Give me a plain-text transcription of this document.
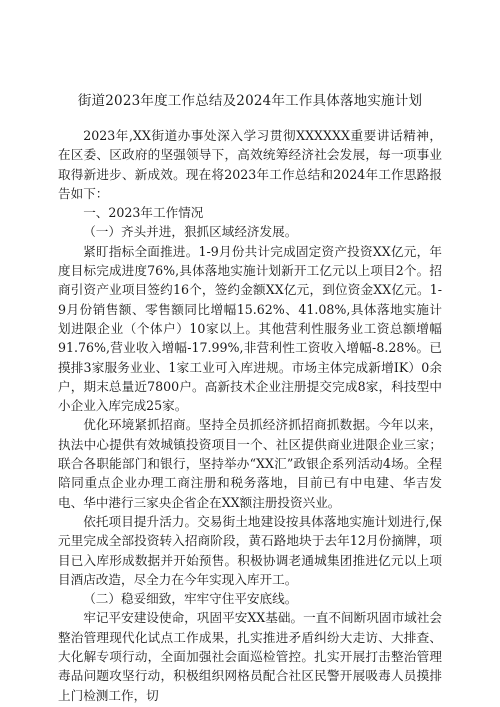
街道2023年度工作总结及2024年工作具体落地实施计划

2023年,XX街道办事处深入学习贯彻XXXXXX重要讲话精神，在区委、区政府的坚强领导下，高效统筹经济社会发展，每一项事业取得新进步、新成效。现在将2023年工作总结和2024年工作思路报告如下：

一、2023年工作情况

（一）齐头并进，狠抓区域经济发展。

紧盯指标全面推进。1-9月份共计完成固定资产投资XX亿元，年度目标完成进度76%,具体落地实施计划新开工亿元以上项目2个。招商引资产业项目签约16个，签约金额XX亿元，到位资金XX亿元。1-9月份销售额、零售额同比增幅15.62%、41.08%,具体落地实施计划进限企业（个体户）10家以上。其他营利性服务业工资总额增幅91.76%,营业收入增幅-17.99%,非营利性工资收入增幅-8.28%。已摸排3家服务业业、1家工业可入库进规。市场主体完成新增IK）0余户，期末总量近7800户。高新技术企业注册提交完成8家，科技型中小企业入库完成25家。

优化环境紧抓招商。坚持全员抓经济抓招商抓数据。今年以来，执法中心提供有效城镇投资项目一个、社区提供商业进限企业三家；联合各职能部门和银行，坚持举办“XX汇”政银企系列活动4场。全程陪同重点企业办理工商注册和税务落地，目前已有中电建、华吉发电、华中港行三家央企省企在XX额注册投资兴业。

依托项目提升活力。交易街土地建设按具体落地实施计划进行,保元里完成全部投资转入招商阶段，黄石路地块于去年12月份摘牌，项目已入库形成数据并开始预售。积极协调老通城集团推进亿元以上项目酒店改造，尽全力在今年实现入库开工。

（二）稳妥细致，牢牢守住平安底线。

牢记平安建设使命，巩固平安XX基础。一直不间断巩固市域社会整治管理现代化试点工作成果，扎实推进矛盾纠纷大走访、大排查、大化解专项行动，全面加强社会面巡检管控。扎实开展打击整治管理毒品问题攻坚行动，积极组织网格员配合社区民警开展吸毒人员摸排上门检测工作，切
